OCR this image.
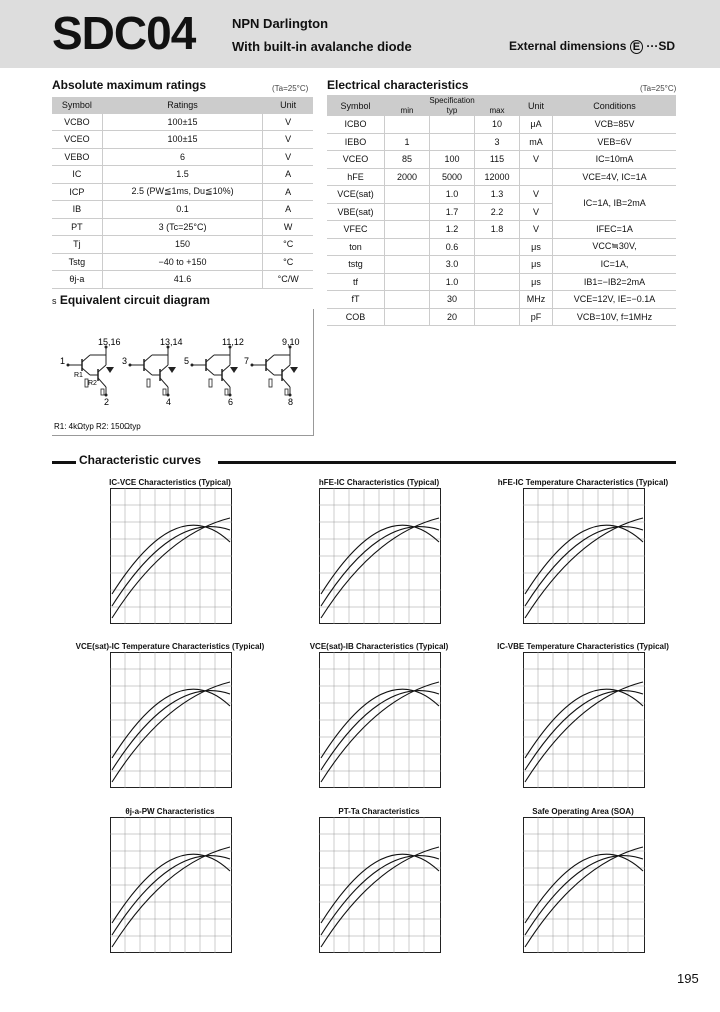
SDC04	NPN Darlington
With built-in avalanche diode	External dimensions E ···SD
Absolute maximum ratings	(Ta=25°C)
Symbol	Ratings	Unit
VCBO	100±15	V
VCEO	100±15	V
VEBO	6	V
IC	1.5	A
ICP	2.5 (PW≦1ms, Du≦10%)	A
IB	0.1	A
PT	3 (Tc=25°C)	W
Tj	150	°C
Tstg	−40 to +150	°C
θj-a	41.6	°C/W
Electrical characteristics	(Ta=25°C)
Symbol	Specification			Unit	Conditions
	min	typ	max		
ICBO			10	μA	VCB=85V
IEBO	1		3	mA	VEB=6V
VCEO	85	100	115	V	IC=10mA
hFE	2000	5000	12000		VCE=4V, IC=1A
VCE(sat)		1.0	1.3	V	IC=1A, IB=2mA
VBE(sat)		1.7	2.2	V	
VFEC		1.2	1.8	V	IFEC=1A
ton		0.6		μs	VCC≒30V,
tstg		3.0		μs	IC=1A,
tf		1.0		μs	IB1=−IB2=2mA
fT		30		MHz	VCE=12V, IE=−0.1A
COB		20		pF	VCB=10V, f=1MHz
s Equivalent circuit diagram
15,16
1
2
13,14
3
4
11,12
5
6
9,10
7
8
R1
R2
R1: 4kΩtyp R2: 150Ωtyp
Characteristic curves
IC-VCE Characteristics (Typical)	hFE-IC Characteristics (Typical)	hFE-IC Temperature Characteristics (Typical)
VCE(sat)-IC Temperature Characteristics (Typical)	VCE(sat)-IB Characteristics (Typical)	IC-VBE Temperature Characteristics (Typical)
θj-a-PW Characteristics	PT-Ta Characteristics	Safe Operating Area (SOA)
195
